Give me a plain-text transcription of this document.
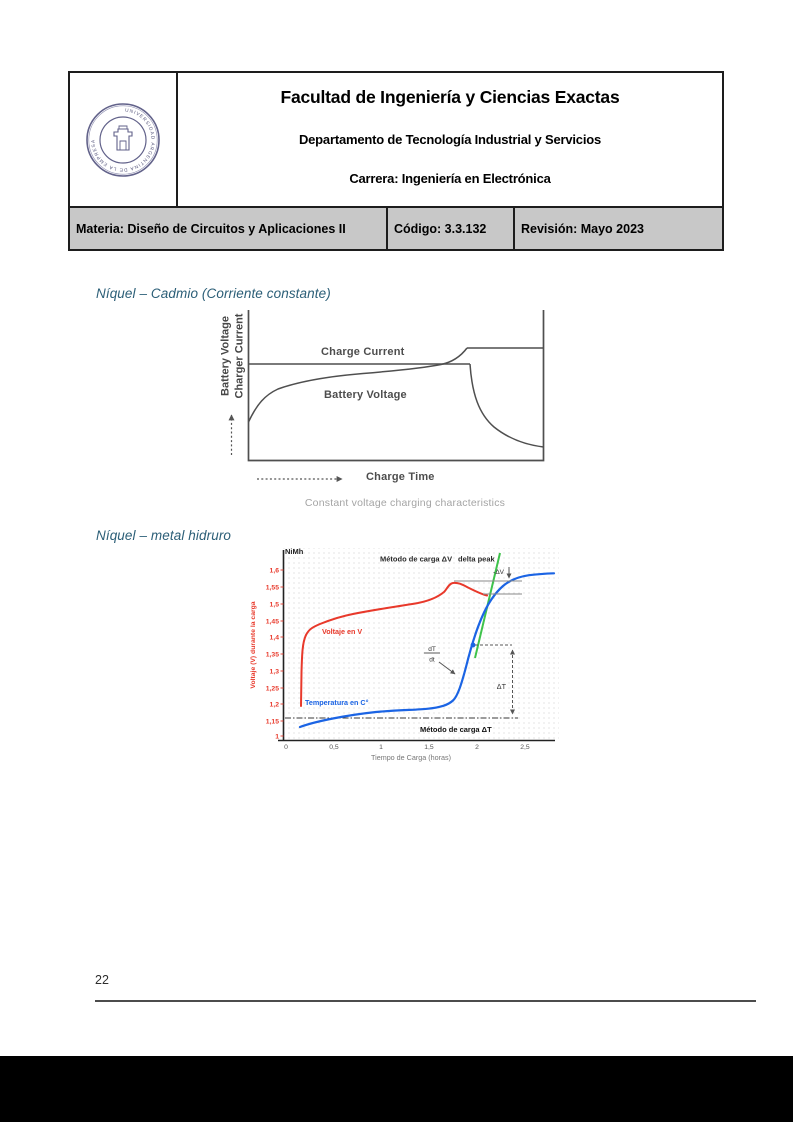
UNIVERSIDAD ARGENTINA DE LA EMPRESA
Facultad de Ingeniería y Ciencias Exactas
Departamento de Tecnología Industrial y Servicios
Carrera: Ingeniería en Electrónica
Materia: Diseño de Circuitos y Aplicaciones II	Código: 3.3.132	Revisión: Mayo 2023
Níquel – Cadmio (Corriente constante)
Níquel – metal hidruro
Battery Voltage Charger Current	Charge Current
Battery Voltage
Charge Time
Constant voltage charging characteristics
1,6
1,55
1,5
1,45
1,4
1,35
1,3
1,25
1,2
1,15
1
0	0,5	1	1,5	2	2,5
Tiempo de Carga (horas)
Voltaje (V) durante la carga
NiMh
Método de carga ΔV delta peak
-ΔV
dT
dt
ΔT
Método de carga ΔT
Voltaje en V
Temperatura en C°
22
